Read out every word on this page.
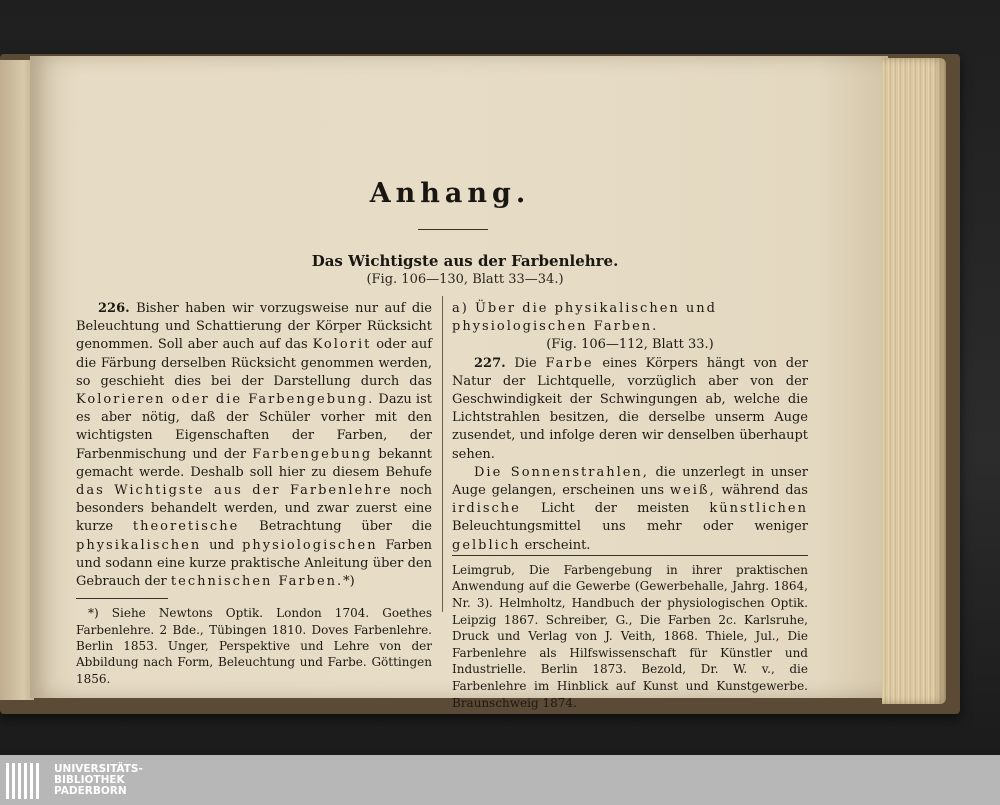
Anhang.
Das Wichtigste aus der Farbenlehre.
(Fig. 106—130, Blatt 33—34.)

226. Bisher haben wir vorzugsweise nur auf die Beleuchtung und Schattierung der Körper Rücksicht genommen. Soll aber auch auf das Kolorit oder auf die Färbung derselben Rücksicht genommen werden, so geschieht dies bei der Darstellung durch das Kolorieren oder die Farbengebung. Dazu ist es aber nötig, daß der Schüler vorher mit den wichtigsten Eigenschaften der Farben, der Farbenmischung und der Farbengebung bekannt gemacht werde. Deshalb soll hier zu diesem Behufe das Wichtigste aus der Farbenlehre noch besonders behandelt werden, und zwar zuerst eine kurze theoretische Betrachtung über die physikalischen und physiologischen Farben und sodann eine kurze praktische Anleitung über den Gebrauch der technischen Farben.*)

*) Siehe Newtons Optik. London 1704. Goethes Farbenlehre. 2 Bde., Tübingen 1810. Doves Farbenlehre. Berlin 1853. Unger, Perspektive und Lehre von der Abbildung nach Form, Beleuchtung und Farbe. Göttingen 1856.

a) Über die physikalischen und physiologischen Farben.

(Fig. 106—112, Blatt 33.)

227. Die Farbe eines Körpers hängt von der Natur der Lichtquelle, vorzüglich aber von der Geschwindigkeit der Schwingungen ab, welche die Lichtstrahlen besitzen, die derselbe unserm Auge zusendet, und infolge deren wir denselben überhaupt sehen.

Die Sonnenstrahlen, die unzerlegt in unser Auge gelangen, erscheinen uns weiß, während das irdische Licht der meisten künstlichen Beleuchtungsmittel uns mehr oder weniger gelblich erscheint.

Leimgrub, Die Farbengebung in ihrer praktischen Anwendung auf die Gewerbe (Gewerbehalle, Jahrg. 1864, Nr. 3). Helmholtz, Handbuch der physiologischen Optik. Leipzig 1867. Schreiber, G., Die Farben 2c. Karlsruhe, Druck und Verlag von J. Veith, 1868. Thiele, Jul., Die Farbenlehre als Hilfswissenschaft für Künstler und Industrielle. Berlin 1873. Bezold, Dr. W. v., die Farbenlehre im Hinblick auf Kunst und Kunstgewerbe. Braunschweig 1874.

UNIVERSITÄTS-
BIBLIOTHEK
PADERBORN
